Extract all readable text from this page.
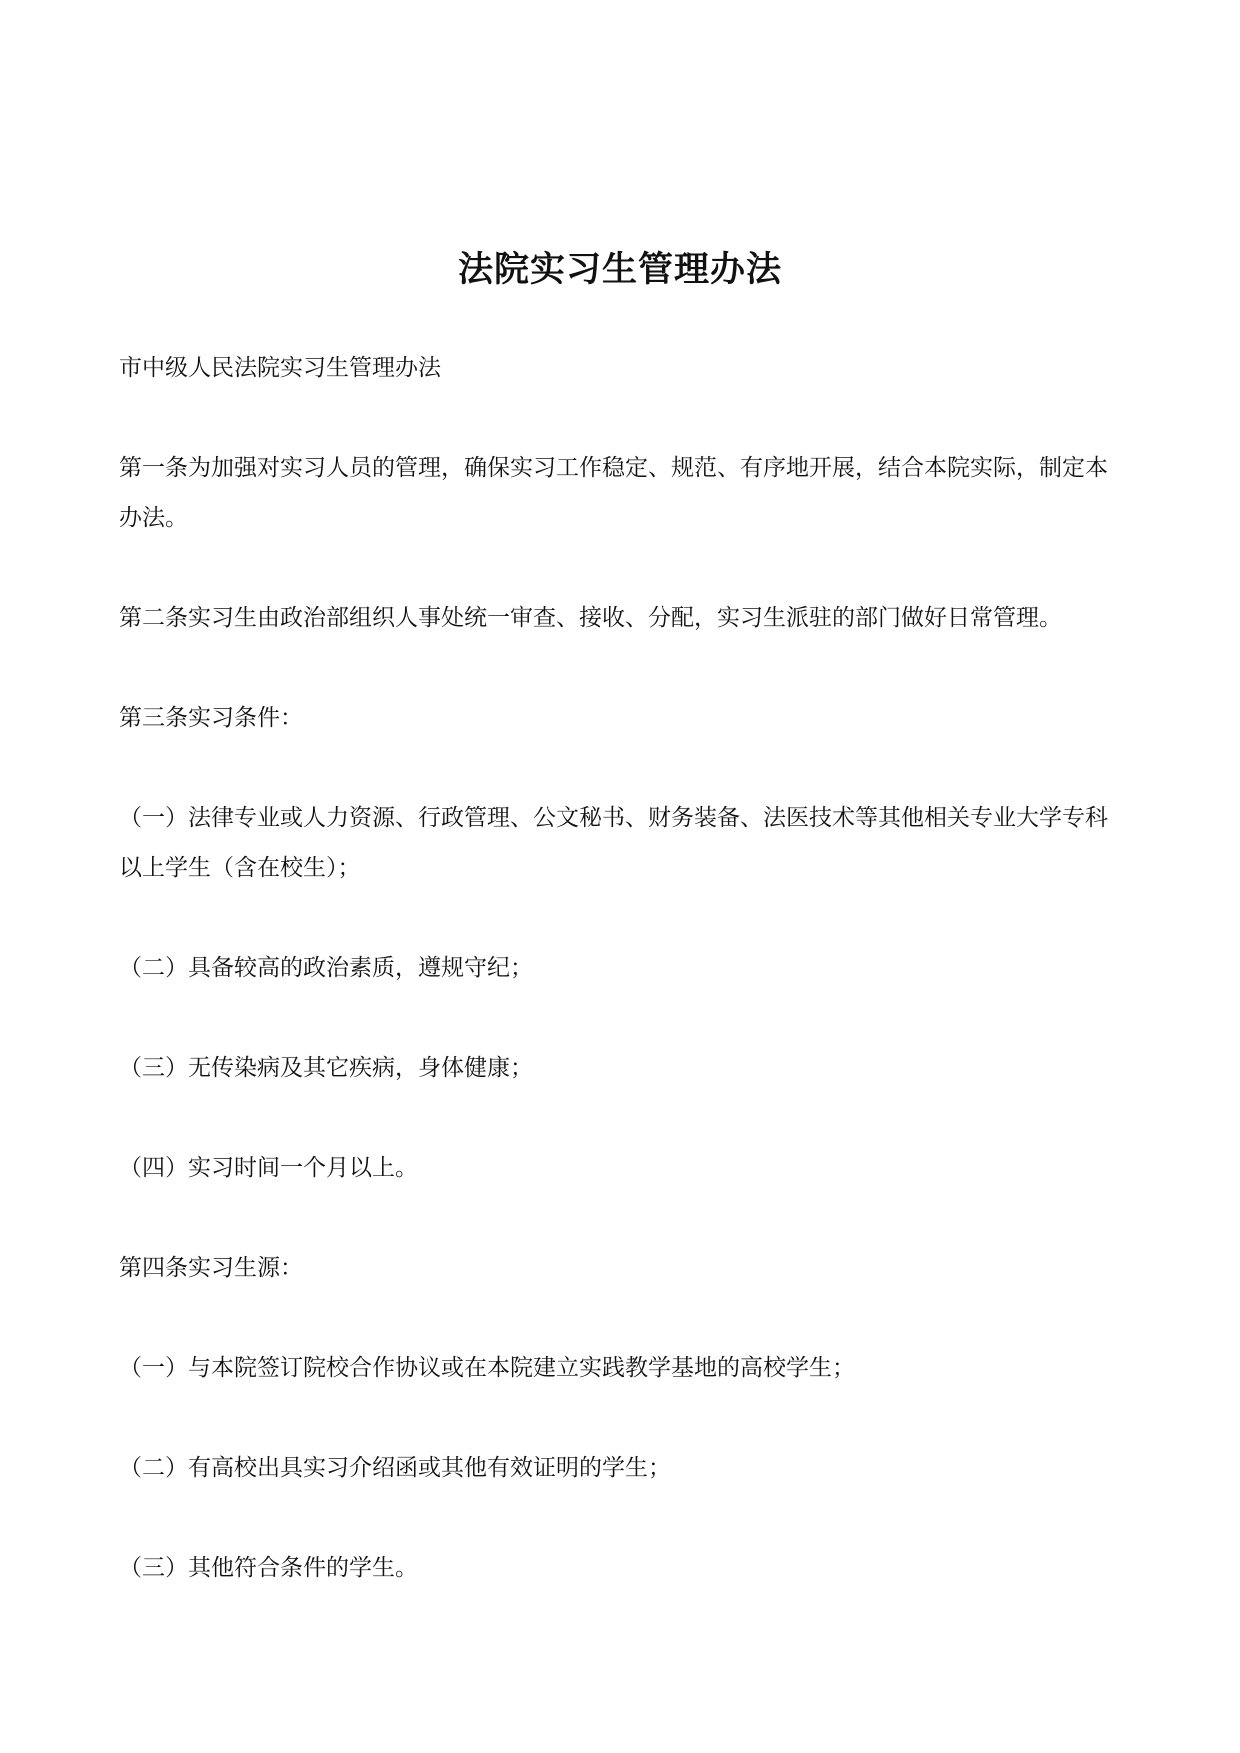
法院实习生管理办法

市中级人民法院实习生管理办法

第一条为加强对实习人员的管理，确保实习工作稳定、规范、有序地开展，结合本院实际，制定本办法。

第二条实习生由政治部组织人事处统一审查、接收、分配，实习生派驻的部门做好日常管理。

第三条实习条件：

（一）法律专业或人力资源、行政管理、公文秘书、财务装备、法医技术等其他相关专业大学专科以上学生（含在校生）；

（二）具备较高的政治素质，遵规守纪；

（三）无传染病及其它疾病，身体健康；

（四）实习时间一个月以上。

第四条实习生源：

（一）与本院签订院校合作协议或在本院建立实践教学基地的高校学生；

（二）有高校出具实习介绍函或其他有效证明的学生；

（三）其他符合条件的学生。
